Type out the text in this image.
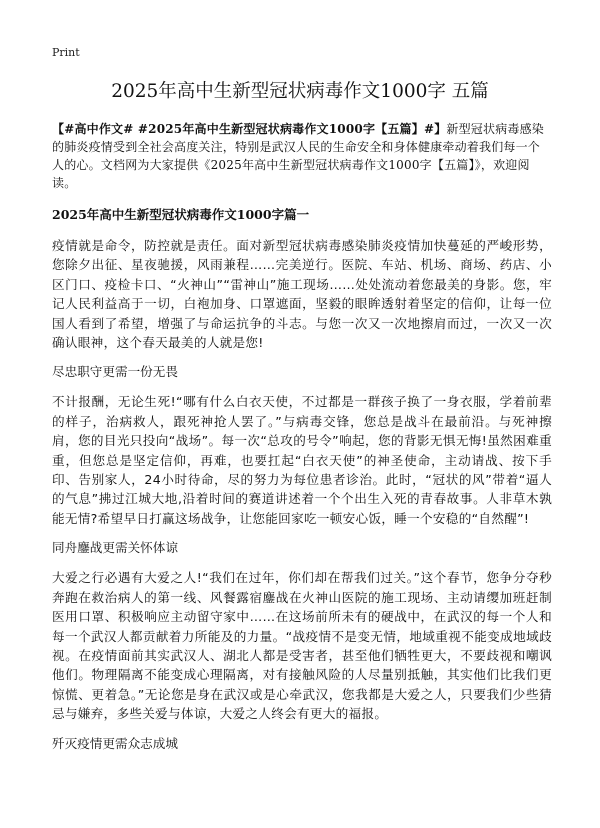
Print
2025年高中生新型冠状病毒作文1000字 五篇

【#高中作文# #2025年高中生新型冠状病毒作文1000字【五篇】#】新型冠状病毒感染的肺炎疫情受到全社会高度关注，特别是武汉人民的生命安全和身体健康牵动着我们每一个人的心。文档网为大家提供《2025年高中生新型冠状病毒作文1000字【五篇】》，欢迎阅读。

2025年高中生新型冠状病毒作文1000字篇一

疫情就是命令，防控就是责任。面对新型冠状病毒感染肺炎疫情加快蔓延的严峻形势，您除夕出征、星夜驰援，风雨兼程……完美逆行。医院、车站、机场、商场、药店、小区门口、疫检卡口、“火神山”“雷神山”施工现场……处处流动着您最美的身影。您，牢记人民利益高于一切，白袍加身、口罩遮面，坚毅的眼眸透射着坚定的信仰，让每一位国人看到了希望，增强了与命运抗争的斗志。与您一次又一次地擦肩而过，一次又一次确认眼神，这个春天最美的人就是您!

尽忠职守更需一份无畏

不计报酬，无论生死!“哪有什么白衣天使，不过都是一群孩子换了一身衣服，学着前辈的样子，治病救人，跟死神抢人罢了。”与病毒交锋，您总是战斗在最前沿。与死神擦肩，您的目光只投向“战场”。每一次“总攻的号令”响起，您的背影无惧无悔!虽然困难重重，但您总是坚定信仰，再难，也要扛起“白衣天使”的神圣使命，主动请战、按下手印、告别家人，24小时待命，尽的努力为每位患者诊治。此时，“冠状的风”带着“逼人的气息”拂过江城大地,沿着时间的赛道讲述着一个个出生入死的青春故事。人非草木孰能无情?希望早日打赢这场战争，让您能回家吃一顿安心饭，睡一个安稳的“自然醒”!

同舟鏖战更需关怀体谅

大爱之行必遇有大爱之人!“我们在过年，你们却在帮我们过关。”这个春节，您争分夺秒奔跑在救治病人的第一线、风餐露宿鏖战在火神山医院的施工现场、主动请缨加班赶制医用口罩、积极响应主动留守家中……在这场前所未有的硬战中，在武汉的每一个人和每一个武汉人都贡献着力所能及的力量。“战疫情不是变无情，地域重视不能变成地域歧视。在疫情面前其实武汉人、湖北人都是受害者，甚至他们牺牲更大，不要歧视和嘲讽他们。物理隔离不能变成心理隔离，对有接触风险的人尽量别抵触，其实他们比我们更惊慌、更着急。”无论您是身在武汉或是心牵武汉，您我都是大爱之人，只要我们少些猜忌与嫌弃，多些关爱与体谅，大爱之人终会有更大的福报。

歼灭疫情更需众志成城
